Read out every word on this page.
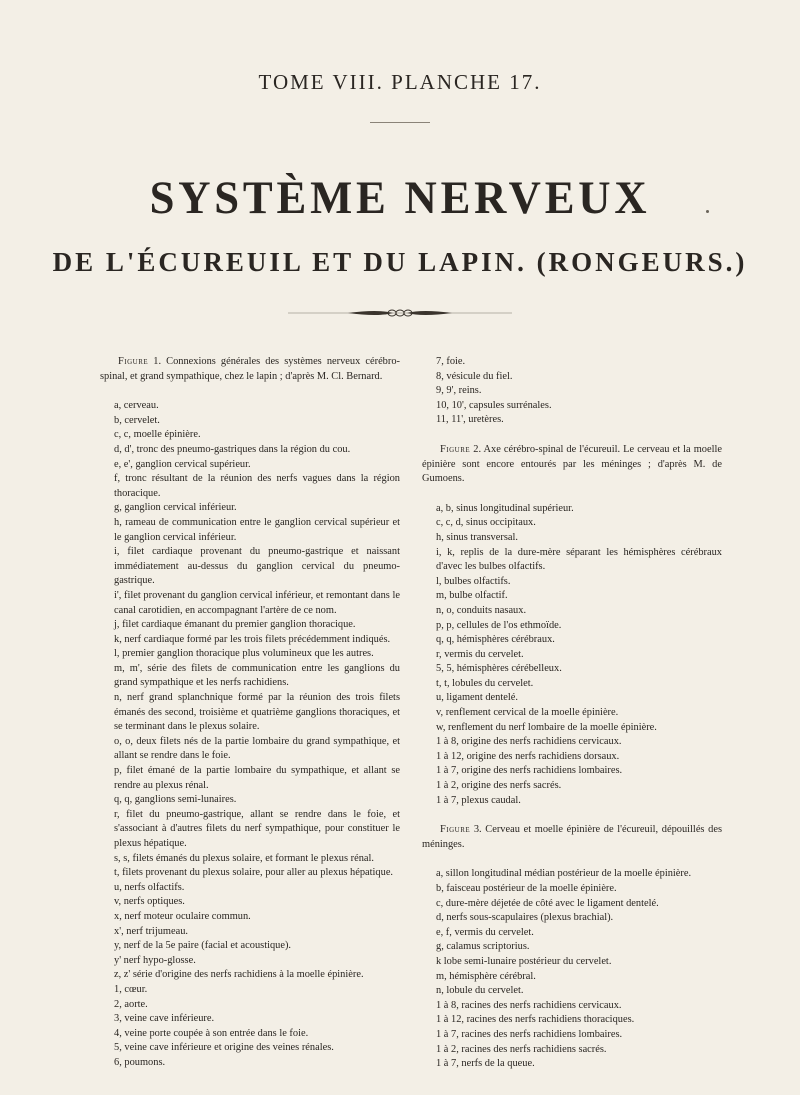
TOME VIII. PLANCHE 17.
SYSTÈME NERVEUX
DE L'ÉCUREUIL ET DU LAPIN. (RONGEURS.)

Figure 1. Connexions générales des systèmes nerveux cérébro-spinal, et grand sympathique, chez le lapin ; d'après M. Cl. Bernard.

a, cerveau.

b, cervelet.

c, c, moelle épinière.

d, d', tronc des pneumo-gastriques dans la région du cou.

e, e', ganglion cervical supérieur.

f, tronc résultant de la réunion des nerfs vagues dans la région thoracique.

g, ganglion cervical inférieur.

h, rameau de communication entre le ganglion cervical supérieur et le ganglion cervical inférieur.

i, filet cardiaque provenant du pneumo-gastrique et naissant immédiatement au-dessus du ganglion cervical du pneumo-gastrique.

i', filet provenant du ganglion cervical inférieur, et remontant dans le canal carotidien, en accompagnant l'artère de ce nom.

j, filet cardiaque émanant du premier ganglion thoracique.

k, nerf cardiaque formé par les trois filets précédemment indiqués.

l, premier ganglion thoracique plus volumineux que les autres.

m, m', série des filets de communication entre les ganglions du grand sympathique et les nerfs rachidiens.

n, nerf grand splanchnique formé par la réunion des trois filets émanés des second, troisième et quatrième ganglions thoraciques, et se terminant dans le plexus solaire.

o, o, deux filets nés de la partie lombaire du grand sympathique, et allant se rendre dans le foie.

p, filet émané de la partie lombaire du sympathique, et allant se rendre au plexus rénal.

q, q, ganglions semi-lunaires.

r, filet du pneumo-gastrique, allant se rendre dans le foie, et s'associant à d'autres filets du nerf sympathique, pour constituer le plexus hépatique.

s, s, filets émanés du plexus solaire, et formant le plexus rénal.

t, filets provenant du plexus solaire, pour aller au plexus hépatique.

u, nerfs olfactifs.

v, nerfs optiques.

x, nerf moteur oculaire commun.

x', nerf trijumeau.

y, nerf de la 5e paire (facial et acoustique).

y' nerf hypo-glosse.

z, z' série d'origine des nerfs rachidiens à la moelle épinière.

1, cœur.

2, aorte.

3, veine cave inférieure.

4, veine porte coupée à son entrée dans le foie.

5, veine cave inférieure et origine des veines rénales.

6, poumons.

7, foie.

8, vésicule du fiel.

9, 9', reins.

10, 10', capsules surrénales.

11, 11', uretères.

Figure 2. Axe cérébro-spinal de l'écureuil. Le cerveau et la moelle épinière sont encore entourés par les méninges ; d'après M. de Gumoens.

a, b, sinus longitudinal supérieur.

c, c, d, sinus occipitaux.

h, sinus transversal.

i, k, replis de la dure-mère séparant les hémisphères cérébraux d'avec les bulbes olfactifs.

l, bulbes olfactifs.

m, bulbe olfactif.

n, o, conduits nasaux.

p, p, cellules de l'os ethmoïde.

q, q, hémisphères cérébraux.

r, vermis du cervelet.

5, 5, hémisphères cérébelleux.

t, t, lobules du cervelet.

u, ligament dentelé.

v, renflement cervical de la moelle épinière.

w, renflement du nerf lombaire de la moelle épinière.

1 à 8, origine des nerfs rachidiens cervicaux.

1 à 12, origine des nerfs rachidiens dorsaux.

1 à 7, origine des nerfs rachidiens lombaires.

1 à 2, origine des nerfs sacrés.

1 à 7, plexus caudal.

Figure 3. Cerveau et moelle épinière de l'écureuil, dépouillés des méninges.

a, sillon longitudinal médian postérieur de la moelle épinière.

b, faisceau postérieur de la moelle épinière.

c, dure-mère déjetée de côté avec le ligament dentelé.

d, nerfs sous-scapulaires (plexus brachial).

e, f, vermis du cervelet.

g, calamus scriptorius.

k lobe semi-lunaire postérieur du cervelet.

m, hémisphère cérébral.

n, lobule du cervelet.

1 à 8, racines des nerfs rachidiens cervicaux.

1 à 12, racines des nerfs rachidiens thoraciques.

1 à 7, racines des nerfs rachidiens lombaires.

1 à 2, racines des nerfs rachidiens sacrés.

1 à 7, nerfs de la queue.
